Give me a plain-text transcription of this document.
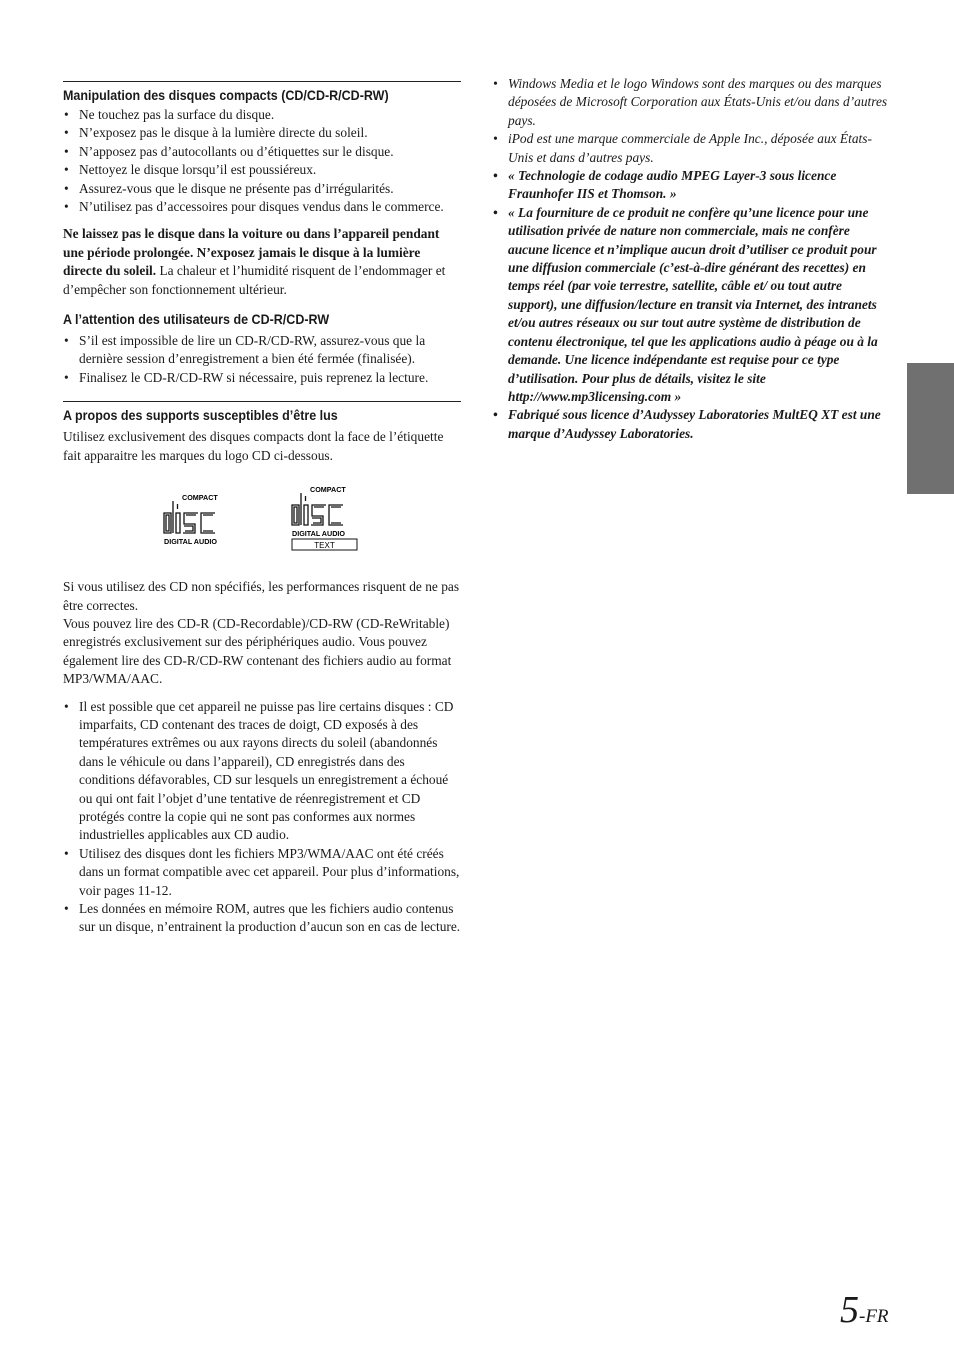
Manipulation des disques compacts (CD/CD-R/CD-RW)
• Ne touchez pas la surface du disque.
• N’exposez pas le disque à la lumière directe du soleil.
• N’apposez pas d’autocollants ou d’étiquettes sur le disque.
• Nettoyez le disque lorsqu’il est poussiéreux.
• Assurez-vous que le disque ne présente pas d’irrégularités.
• N’utilisez pas d’accessoires pour disques vendus dans le commerce.

Ne laissez pas le disque dans la voiture ou dans l’appareil pendant une période prolongée. N’exposez jamais le disque à la lumière directe du soleil. La chaleur et l’humidité risquent de l’endommager et d’empêcher son fonctionnement ultérieur.

A l’attention des utilisateurs de CD-R/CD-RW
• S’il est impossible de lire un CD-R/CD-RW, assurez-vous que la dernière session d’enregistrement a bien été fermée (finalisée).
• Finalisez le CD-R/CD-RW si nécessaire, puis reprenez la lecture.
A propos des supports susceptibles d’être lus

Utilisez exclusivement des disques compacts dont la face de l’étiquette fait apparaitre les marques du logo CD ci-dessous.

COMPACT
DIGITAL AUDIO
COMPACT
DIGITAL AUDIO
TEXT

Si vous utilisez des CD non spécifiés, les performances risquent de ne pas être correctes.

Vous pouvez lire des CD-R (CD-Recordable)/CD-RW (CD-ReWritable) enregistrés exclusivement sur des périphériques audio. Vous pouvez également lire des CD-R/CD-RW contenant des fichiers audio au format MP3/WMA/AAC.

• Il est possible que cet appareil ne puisse pas lire certains disques : CD imparfaits, CD contenant des traces de doigt, CD exposés à des températures extrêmes ou aux rayons directs du soleil (abandonnés dans le véhicule ou dans l’appareil), CD enregistrés dans des conditions défavorables, CD sur lesquels un enregistrement a échoué ou qui ont fait l’objet d’une tentative de réenregistrement et CD protégés contre la copie qui ne sont pas conformes aux normes industrielles applicables aux CD audio.
• Utilisez des disques dont les fichiers MP3/WMA/AAC ont été créés dans un format compatible avec cet appareil. Pour plus d’informations, voir pages 11-12.
• Les données en mémoire ROM, autres que les fichiers audio contenus sur un disque, n’entrainent la production d’aucun son en cas de lecture.
• Windows Media et le logo Windows sont des marques ou des marques déposées de Microsoft Corporation aux États-Unis et/ou dans d’autres pays.
• iPod est une marque commerciale de Apple Inc., déposée aux États-Unis et dans d’autres pays.
• « Technologie de codage audio MPEG Layer-3 sous licence Fraunhofer IIS et Thomson. »
• « La fourniture de ce produit ne confère qu’une licence pour une utilisation privée de nature non commerciale, mais ne confère aucune licence et n’implique aucun droit d’utiliser ce produit pour une diffusion commerciale (c’est-à-dire générant des recettes) en temps réel (par voie terrestre, satellite, câble et/ ou tout autre support), une diffusion/lecture en transit via Internet, des intranets et/ou autres réseaux ou sur tout autre système de distribution de contenu électronique, tel que les applications audio à péage ou à la demande. Une licence indépendante est requise pour ce type d’utilisation. Pour plus de détails, visitez le site http://www.mp3licensing.com »
• Fabriqué sous licence d’Audyssey Laboratories MultEQ XT est une marque d’Audyssey Laboratories.
5-FR
